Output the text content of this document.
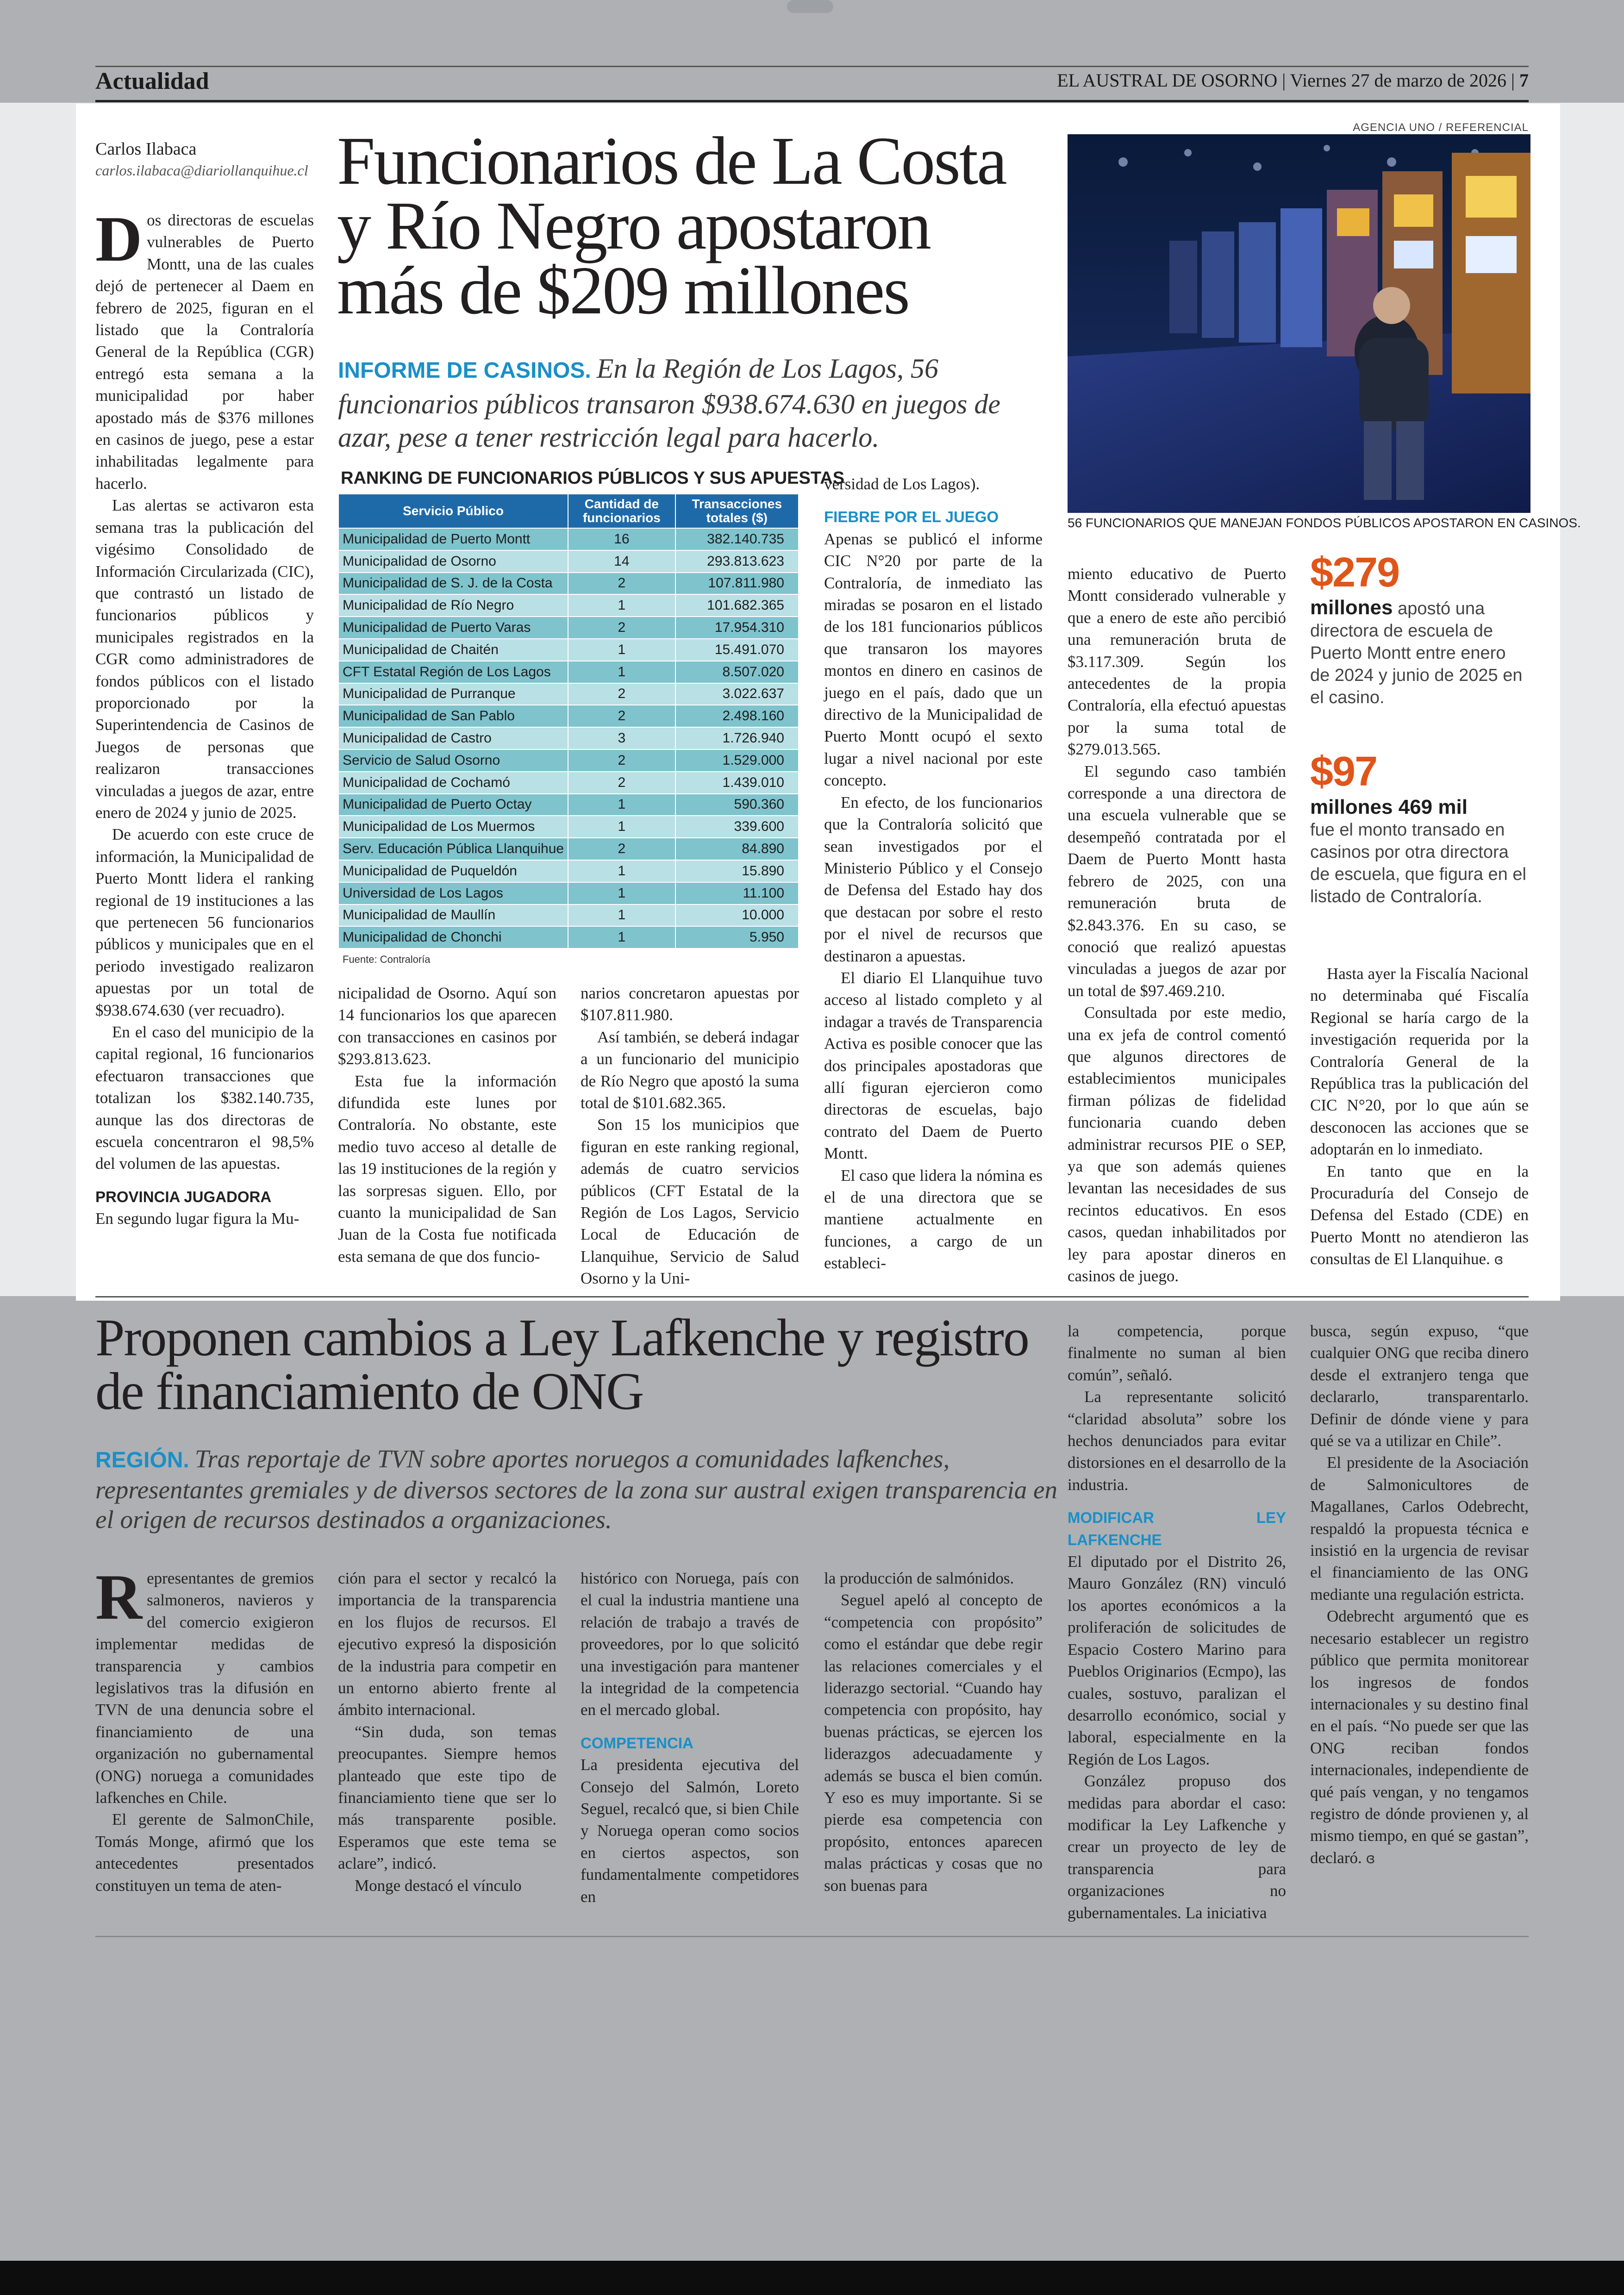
Actualidad	EL AUSTRAL DE OSORNO | Viernes 27 de marzo de 2026 | 7
Carlos Ilabaca
carlos.ilabaca@diariollanquihue.cl Funcionarios de La Costa y Río Negro apostaron más de $209 millones
INFORME DE CASINOS. En la Región de Los Lagos, 56 funcionarios públicos transaron $938.674.630 en juegos de azar, pese a tener restricción legal para hacerlo.
AGENCIA UNO / REFERENCIAL
56 FUNCIONARIOS QUE MANEJAN FONDOS PÚBLICOS APOSTARON EN CASINOS.

Dos directoras de escuelas vulnerables de Puerto Montt, una de las cuales dejó de pertenecer al Daem en febrero de 2025, figuran en el listado que la Contraloría General de la República (CGR) entregó esta semana a la municipalidad por haber apostado más de $376 millones en casinos de juego, pese a estar inhabilitadas legalmente para hacerlo.

Las alertas se activaron esta semana tras la publicación del vigésimo Consolidado de Información Circularizada (CIC), que contrastó un listado de funcionarios públicos y municipales registrados en la CGR como administradores de fondos públicos con el listado proporcionado por la Superintendencia de Casinos de Juegos de personas que realizaron transacciones vinculadas a juegos de azar, entre enero de 2024 y junio de 2025.

De acuerdo con este cruce de información, la Municipalidad de Puerto Montt lidera el ranking regional de 19 instituciones a las que pertenecen 56 funcionarios públicos y municipales que en el periodo investigado realizaron apuestas por un total de $938.674.630 (ver recuadro).

En el caso del municipio de la capital regional, 16 funcionarios efectuaron transacciones que totalizan los $382.140.735, aunque las dos directoras de escuela concentraron el 98,5% del volumen de las apuestas.

PROVINCIA JUGADORA

En segundo lugar figura la Mu-

RANKING DE FUNCIONARIOS PÚBLICOS Y SUS APUESTAS
Servicio Público	Cantidad de funcionarios	Transacciones totales ($)
Municipalidad de Puerto Montt	16	382.140.735
Municipalidad de Osorno	14	293.813.623
Municipalidad de S. J. de la Costa	2	107.811.980
Municipalidad de Río Negro	1	101.682.365
Municipalidad de Puerto Varas	2	17.954.310
Municipalidad de Chaitén	1	15.491.070
CFT Estatal Región de Los Lagos	1	8.507.020
Municipalidad de Purranque	2	3.022.637
Municipalidad de San Pablo	2	2.498.160
Municipalidad de Castro	3	1.726.940
Servicio de Salud Osorno	2	1.529.000
Municipalidad de Cochamó	2	1.439.010
Municipalidad de Puerto Octay	1	590.360
Municipalidad de Los Muermos	1	339.600
Serv. Educación Pública Llanquihue	2	84.890
Municipalidad de Puqueldón	1	15.890
Universidad de Los Lagos	1	11.100
Municipalidad de Maullín	1	10.000
Municipalidad de Chonchi	1	5.950
Fuente: Contraloría

nicipalidad de Osorno. Aquí son 14 funcionarios los que aparecen con transacciones en casinos por $293.813.623.

Esta fue la información difundida este lunes por Contraloría. No obstante, este medio tuvo acceso al detalle de las 19 instituciones de la región y las sorpresas siguen. Ello, por cuanto la municipalidad de San Juan de la Costa fue notificada esta semana de que dos funcio-

narios concretaron apuestas por $107.811.980.

Así también, se deberá indagar a un funcionario del municipio de Río Negro que apostó la suma total de $101.682.365.

Son 15 los municipios que figuran en este ranking regional, además de cuatro servicios públicos (CFT Estatal de la Región de Los Lagos, Servicio Local de Educación de Llanquihue, Servicio de Salud Osorno y la Uni-

versidad de Los Lagos).

FIEBRE POR EL JUEGO

Apenas se publicó el informe CIC N°20 por parte de la Contraloría, de inmediato las miradas se posaron en el listado de los 181 funcionarios públicos que transaron los mayores montos en dinero en casinos de juego en el país, dado que un directivo de la Municipalidad de Puerto Montt ocupó el sexto lugar a nivel nacional por este concepto.

En efecto, de los funcionarios que la Contraloría solicitó que sean investigados por el Ministerio Público y el Consejo de Defensa del Estado hay dos que destacan por sobre el resto por el nivel de recursos que destinaron a apuestas.

El diario El Llanquihue tuvo acceso al listado completo y al indagar a través de Transparencia Activa es posible conocer que las dos principales apostadoras que allí figuran ejercieron como directoras de escuelas, bajo contrato del Daem de Puerto Montt.

El caso que lidera la nómina es el de una directora que se mantiene actualmente en funciones, a cargo de un estableci-

miento educativo de Puerto Montt considerado vulnerable y que a enero de este año percibió una remuneración bruta de $3.117.309. Según los antecedentes de la propia Contraloría, ella efectuó apuestas por la suma total de $279.013.565.

El segundo caso también corresponde a una directora de una escuela vulnerable que se desempeñó contratada por el Daem de Puerto Montt hasta febrero de 2025, con una remuneración bruta de $2.843.376. En su caso, se conoció que realizó apuestas vinculadas a juegos de azar por un total de $97.469.210.

Consultada por este medio, una ex jefa de control comentó que algunos directores de establecimientos municipales firman pólizas de fidelidad funcionaria cuando deben administrar recursos PIE o SEP, ya que son además quienes levantan las necesidades de sus recintos educativos. En esos casos, quedan inhabilitados por ley para apostar dineros en casinos de juego.

$279
millones apostó una directora de escuela de Puerto Montt entre enero de 2024 y junio de 2025 en el casino.
$97
millones 469 mil
fue el monto transado en casinos por otra directora de escuela, que figura en el listado de Contraloría.

Hasta ayer la Fiscalía Nacional no determinaba qué Fiscalía Regional se haría cargo de la investigación requerida por la Contraloría General de la República tras la publicación del CIC N°20, por lo que aún se desconocen las acciones que se adoptarán en lo inmediato.

En tanto que en la Procuraduría del Consejo de Defensa del Estado (CDE) en Puerto Montt no atendieron las consultas de El Llanquihue. ɞ

Proponen cambios a Ley Lafkenche y registro de financiamiento de ONG
REGIÓN. Tras reportaje de TVN sobre aportes noruegos a comunidades lafkenches, representantes gremiales y de diversos sectores de la zona sur austral exigen transparencia en el origen de recursos destinados a organizaciones.

Representantes de gremios salmoneros, navieros y del comercio exigieron implementar medidas de transparencia y cambios legislativos tras la difusión en TVN de una denuncia sobre el financiamiento de una organización no gubernamental (ONG) noruega a comunidades lafkenches en Chile.

El gerente de SalmonChile, Tomás Monge, afirmó que los antecedentes presentados constituyen un tema de aten-

ción para el sector y recalcó la importancia de la transparencia en los flujos de recursos. El ejecutivo expresó la disposición de la industria para competir en un entorno abierto frente al ámbito internacional.

“Sin duda, son temas preocupantes. Siempre hemos planteado que este tipo de financiamiento tiene que ser lo más transparente posible. Esperamos que este tema se aclare”, indicó.

Monge destacó el vínculo

histórico con Noruega, país con el cual la industria mantiene una relación de trabajo a través de proveedores, por lo que solicitó una investigación para mantener la integridad de la competencia en el mercado global.

COMPETENCIA

La presidenta ejecutiva del Consejo del Salmón, Loreto Seguel, recalcó que, si bien Chile y Noruega operan como socios en ciertos aspectos, son fundamentalmente competidores en

la producción de salmónidos.

Seguel apeló al concepto de “competencia con propósito” como el estándar que debe regir las relaciones comerciales y el liderazgo sectorial. “Cuando hay competencia con propósito, hay buenas prácticas, se ejercen los liderazgos adecuadamente y además se busca el bien común. Y eso es muy importante. Si se pierde esa competencia con propósito, entonces aparecen malas prácticas y cosas que no son buenas para

la competencia, porque finalmente no suman al bien común”, señaló.

La representante solicitó “claridad absoluta” sobre los hechos denunciados para evitar distorsiones en el desarrollo de la industria.

MODIFICAR LEY LAFKENCHE

El diputado por el Distrito 26, Mauro González (RN) vinculó los aportes económicos a la proliferación de solicitudes de Espacio Costero Marino para Pueblos Originarios (Ecmpo), las cuales, sostuvo, paralizan el desarrollo económico, social y laboral, especialmente en la Región de Los Lagos.

González propuso dos medidas para abordar el caso: modificar la Ley Lafkenche y crear un proyecto de ley de transparencia para organizaciones no gubernamentales. La iniciativa

busca, según expuso, “que cualquier ONG que reciba dinero desde el extranjero tenga que declararlo, transparentarlo. Definir de dónde viene y para qué se va a utilizar en Chile”.

El presidente de la Asociación de Salmonicultores de Magallanes, Carlos Odebrecht, respaldó la propuesta técnica e insistió en la urgencia de revisar el financiamiento de las ONG mediante una regulación estricta.

Odebrecht argumentó que es necesario establecer un registro público que permita monitorear los ingresos de fondos internacionales y su destino final en el país. “No puede ser que las ONG reciban fondos internacionales, independiente de qué país vengan, y no tengamos registro de dónde provienen y, al mismo tiempo, en qué se gastan”, declaró. ɞ
